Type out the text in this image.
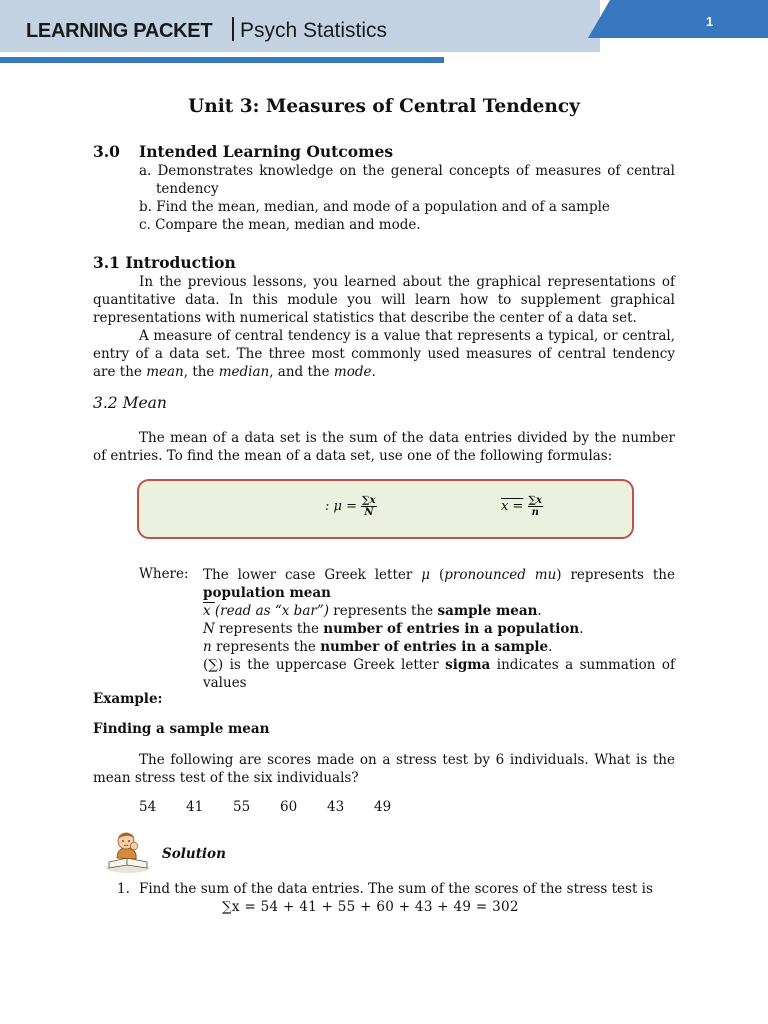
LEARNING PACKET	Psych Statistics	1
Unit 3: Measures of Central Tendency
3.0 Intended Learning Outcomes
a. Demonstrates knowledge on the general concepts of measures of central tendency
b. Find the mean, median, and mode of a population and of a sample
c. Compare the mean, median and mode.
3.1 Introduction
In the previous lessons, you learned about the graphical representations of quantitative data. In this module you will learn how to supplement graphical representations with numerical statistics that describe the center of a data set.
A measure of central tendency is a value that represents a typical, or central, entry of a data set. The three most commonly used measures of central tendency are the mean, the median, and the mode.
3.2 Mean
The mean of a data set is the sum of the data entries divided by the number of entries. To find the mean of a data set, use one of the following formulas:
: $\mu = \frac{\sum x}{N}$	$x = \frac{\sum x}{n}$
Where: The lower case Greek letter μ (pronounced mu) represents the population mean
x (read as “x bar”) represents the sample mean.
N represents the number of entries in a population.
n represents the number of entries in a sample.
(∑) is the uppercase Greek letter sigma indicates a summation of values
Example:
Finding a sample mean
The following are scores made on a stress test by 6 individuals. What is the mean stress test of the six individuals?
54 41 55 60 43 49
Solution
1. Find the sum of the data entries. The sum of the scores of the stress test is
∑x = 54 + 41 + 55 + 60 + 43 + 49 = 302
